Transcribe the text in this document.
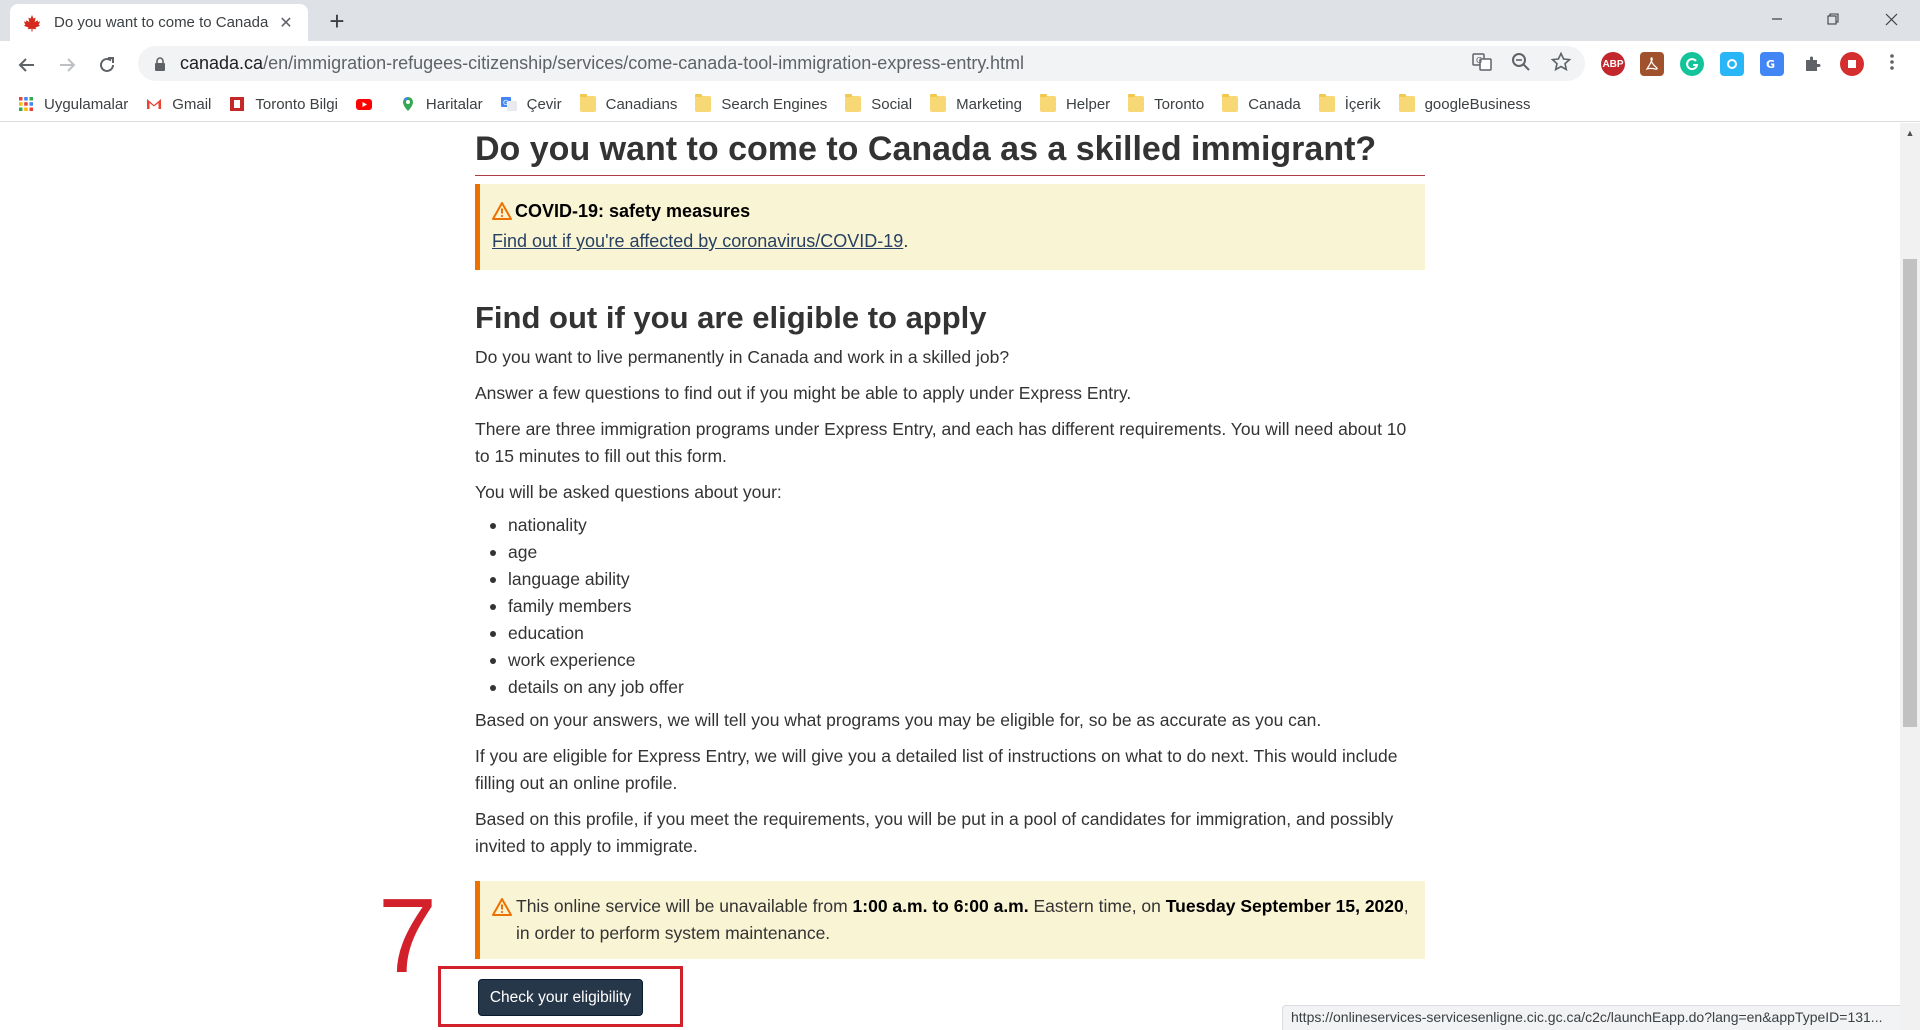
Do you want to come to Canada ✕ +
canada.ca/en/immigration-refugees-citizenship/services/come-canada-tool-immigration-express-entry.html	G	ABP	G
Uygulamalar	Gmail	Toronto Bilgi	Haritalar	G Çevir	Canadians	Search Engines	Social	Marketing	Helper	Toronto	Canada	İçerik	googleBusiness
Do you want to come to Canada as a skilled immigrant?
COVID-19: safety measures
Find out if you're affected by coronavirus/COVID-19.
Find out if you are eligible to apply

Do you want to live permanently in Canada and work in a skilled job?

Answer a few questions to find out if you might be able to apply under Express Entry.

There are three immigration programs under Express Entry, and each has different requirements. You will need about 10 to 15 minutes to fill out this form.

You will be asked questions about your:

nationality
age
language ability
family members
education
work experience
details on any job offer

Based on your answers, we will tell you what programs you may be eligible for, so be as accurate as you can.

If you are eligible for Express Entry, we will give you a detailed list of instructions on what to do next. This would include filling out an online profile.

Based on this profile, if you meet the requirements, you will be put in a pool of candidates for immigration, and possibly invited to apply to immigrate.

This online service will be unavailable from 1:00 a.m. to 6:00 a.m. Eastern time, on Tuesday September 15, 2020, in order to perform system maintenance.
7
Check your eligibility
▲
https://onlineservices-servicesenligne.cic.gc.ca/c2c/launchEapp.do?lang=en&appTypeID=131...
